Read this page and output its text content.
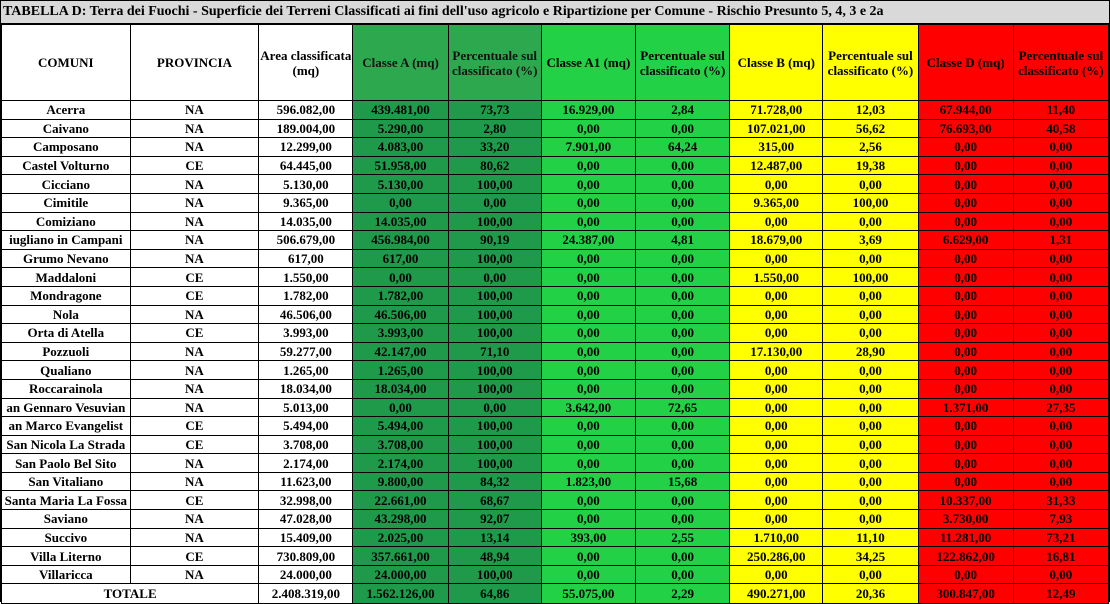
TABELLA D: Terra dei Fuochi - Superficie dei Terreni Classificati ai fini dell'uso agricolo e Ripartizione per Comune - Rischio Presunto 5, 4, 3 e 2a
COMUNI	PROVINCIA	Area classificata (mq)	Classe A (mq)	Percentuale sul classificato (%)	Classe A1 (mq)	Percentuale sul classificato (%)	Classe B (mq)	Percentuale sul classificato (%)	Classe D (mq)	Percentuale sul classificato (%)
Acerra	NA	596.082,00	439.481,00	73,73	16.929,00	2,84	71.728,00	12,03	67.944,00	11,40
Caivano	NA	189.004,00	5.290,00	2,80	0,00	0,00	107.021,00	56,62	76.693,00	40,58
Camposano	NA	12.299,00	4.083,00	33,20	7.901,00	64,24	315,00	2,56	0,00	0,00
Castel Volturno	CE	64.445,00	51.958,00	80,62	0,00	0,00	12.487,00	19,38	0,00	0,00
Cicciano	NA	5.130,00	5.130,00	100,00	0,00	0,00	0,00	0,00	0,00	0,00
Cimitile	NA	9.365,00	0,00	0,00	0,00	0,00	9.365,00	100,00	0,00	0,00
Comiziano	NA	14.035,00	14.035,00	100,00	0,00	0,00	0,00	0,00	0,00	0,00
iugliano in Campani	NA	506.679,00	456.984,00	90,19	24.387,00	4,81	18.679,00	3,69	6.629,00	1,31
Grumo Nevano	NA	617,00	617,00	100,00	0,00	0,00	0,00	0,00	0,00	0,00
Maddaloni	CE	1.550,00	0,00	0,00	0,00	0,00	1.550,00	100,00	0,00	0,00
Mondragone	CE	1.782,00	1.782,00	100,00	0,00	0,00	0,00	0,00	0,00	0,00
Nola	NA	46.506,00	46.506,00	100,00	0,00	0,00	0,00	0,00	0,00	0,00
Orta di Atella	CE	3.993,00	3.993,00	100,00	0,00	0,00	0,00	0,00	0,00	0,00
Pozzuoli	NA	59.277,00	42.147,00	71,10	0,00	0,00	17.130,00	28,90	0,00	0,00
Qualiano	NA	1.265,00	1.265,00	100,00	0,00	0,00	0,00	0,00	0,00	0,00
Roccarainola	NA	18.034,00	18.034,00	100,00	0,00	0,00	0,00	0,00	0,00	0,00
an Gennaro Vesuvian	NA	5.013,00	0,00	0,00	3.642,00	72,65	0,00	0,00	1.371,00	27,35
an Marco Evangelist	CE	5.494,00	5.494,00	100,00	0,00	0,00	0,00	0,00	0,00	0,00
San Nicola La Strada	CE	3.708,00	3.708,00	100,00	0,00	0,00	0,00	0,00	0,00	0,00
San Paolo Bel Sito	NA	2.174,00	2.174,00	100,00	0,00	0,00	0,00	0,00	0,00	0,00
San Vitaliano	NA	11.623,00	9.800,00	84,32	1.823,00	15,68	0,00	0,00	0,00	0,00
Santa Maria La Fossa	CE	32.998,00	22.661,00	68,67	0,00	0,00	0,00	0,00	10.337,00	31,33
Saviano	NA	47.028,00	43.298,00	92,07	0,00	0,00	0,00	0,00	3.730,00	7,93
Succivo	NA	15.409,00	2.025,00	13,14	393,00	2,55	1.710,00	11,10	11.281,00	73,21
Villa Literno	CE	730.809,00	357.661,00	48,94	0,00	0,00	250.286,00	34,25	122.862,00	16,81
Villaricca	NA	24.000,00	24.000,00	100,00	0,00	0,00	0,00	0,00	0,00	0,00
TOTALE		2.408.319,00	1.562.126,00	64,86	55.075,00	2,29	490.271,00	20,36	300.847,00	12,49
